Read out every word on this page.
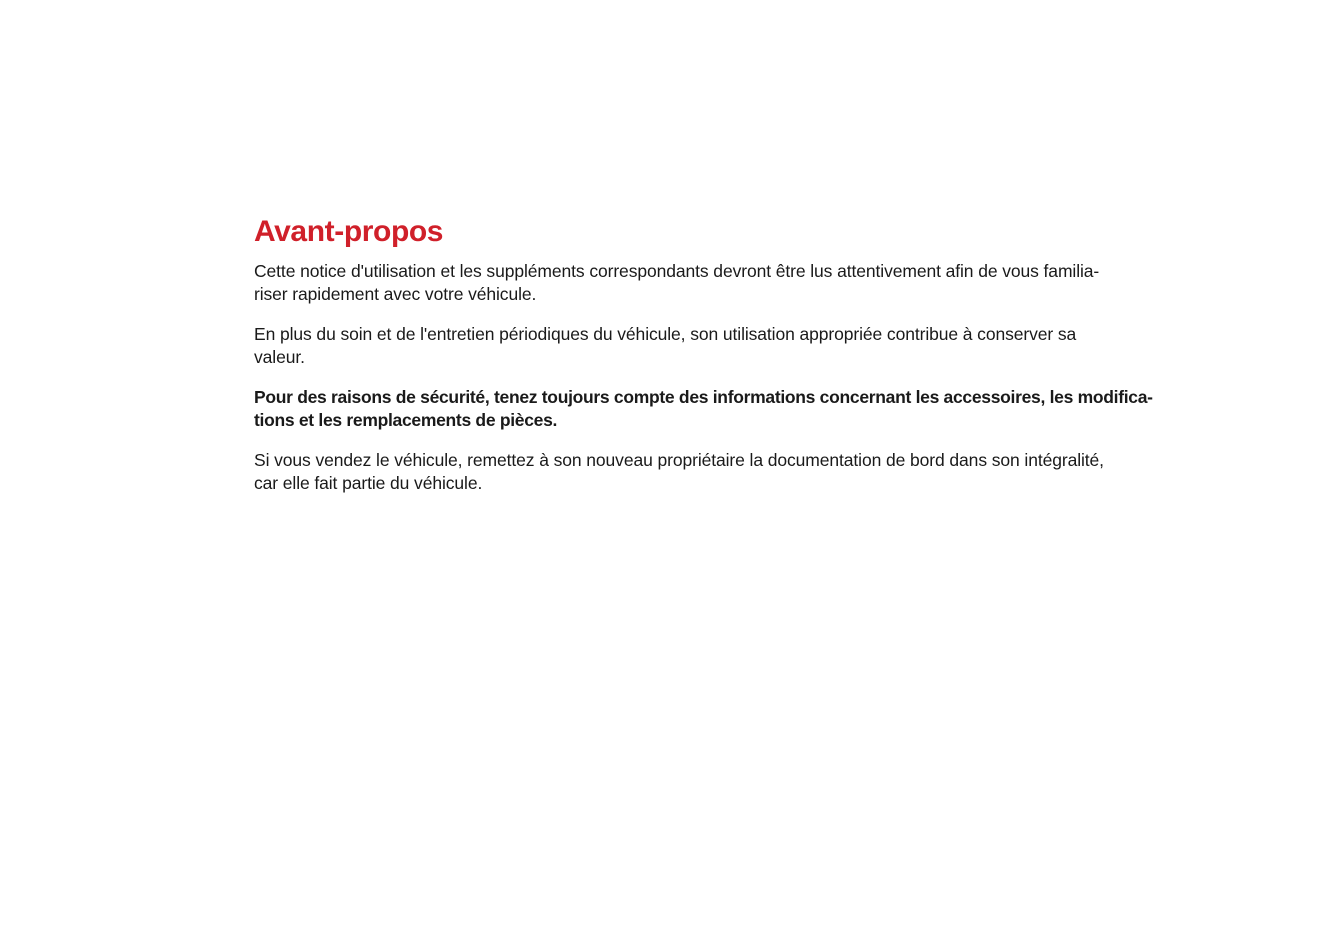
Avant-propos

Cette notice d'utilisation et les suppléments correspondants devront être lus attentivement afin de vous familia-
riser rapidement avec votre véhicule.

En plus du soin et de l'entretien périodiques du véhicule, son utilisation appropriée contribue à conserver sa
valeur.

Pour des raisons de sécurité, tenez toujours compte des informations concernant les accessoires, les modifica-
tions et les remplacements de pièces.

Si vous vendez le véhicule, remettez à son nouveau propriétaire la documentation de bord dans son intégralité,
car elle fait partie du véhicule.
